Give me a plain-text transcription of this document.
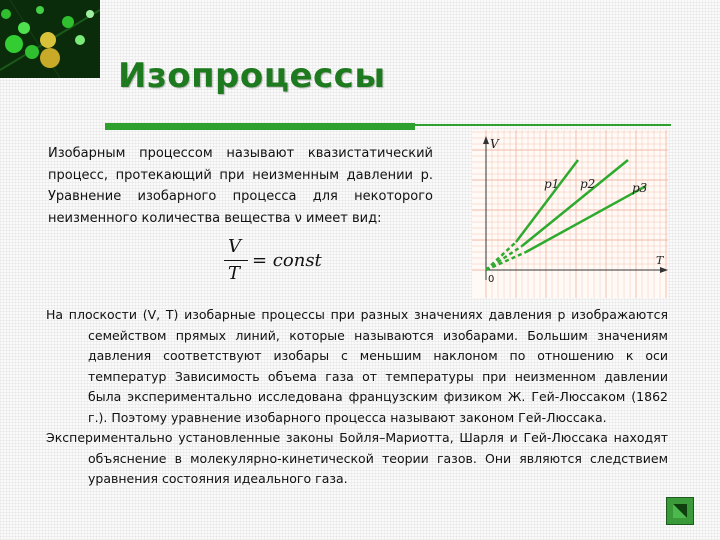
Изопроцессы
Изобарным процессом называют квазистатический процесс, протекающий при неизменным давлении р. Уравнение изобарного процесса для некоторого неизменного количества вещества ν имеет вид:
V
T
= const
V
T
0
p1 p2	p3

На плоскости (V, T) изобарные процессы при разных значениях давления р изображаются семейством прямых линий, которые называются изобарами. Большим значениям давления соответствуют изобары с меньшим наклоном по отношению к оси температур Зависимость объема газа от температуры при неизменном давлении была экспериментально исследована французским физиком Ж. Гей-Люссаком (1862 г.). Поэтому уравнение изобарного процесса называют законом Гей-Люссака.

Экспериментально установленные законы Бойля–Мариотта, Шарля и Гей-Люссака находят объяснение в молекулярно-кинетической теории газов. Они являются следствием уравнения состояния идеального газа.
